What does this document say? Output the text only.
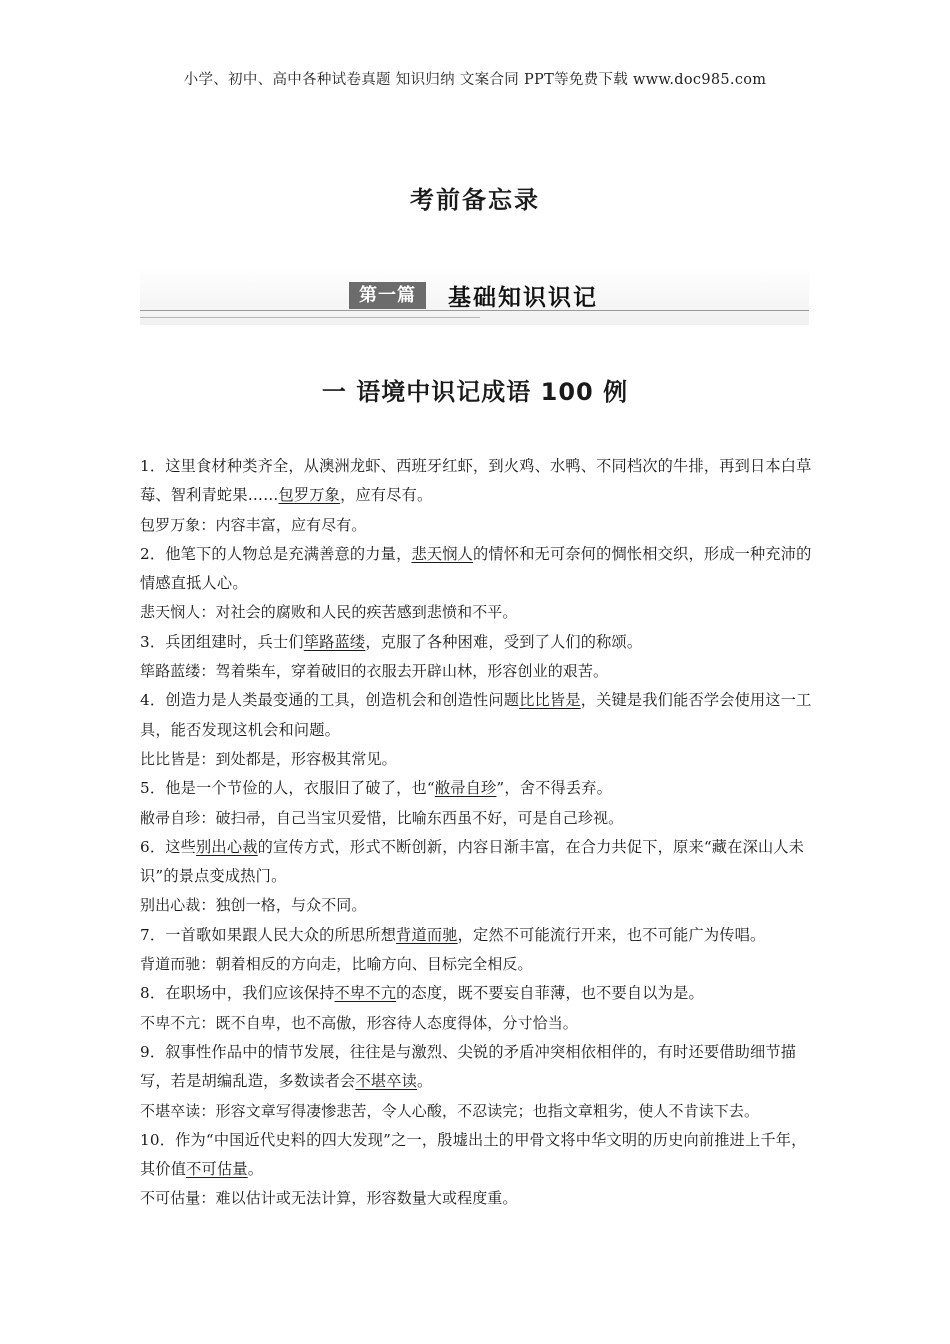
小学、初中、高中各种试卷真题 知识归纳 文案合同 PPT等免费下载 www.doc985.com
考前备忘录
第一篇	基础知识识记
一 语境中识记成语 100 例
1．这里食材种类齐全，从澳洲龙虾、西班牙红虾，到火鸡、水鸭、不同档次的牛排，再到日本白草莓、智利青蛇果……包罗万象，应有尽有。
包罗万象：内容丰富，应有尽有。
2．他笔下的人物总是充满善意的力量，悲天悯人的情怀和无可奈何的惆怅相交织，形成一种充沛的情感直抵人心。
悲天悯人：对社会的腐败和人民的疾苦感到悲愤和不平。
3．兵团组建时，兵士们筚路蓝缕，克服了各种困难，受到了人们的称颂。
筚路蓝缕：驾着柴车，穿着破旧的衣服去开辟山林，形容创业的艰苦。
4．创造力是人类最变通的工具，创造机会和创造性问题比比皆是，关键是我们能否学会使用这一工具，能否发现这机会和问题。
比比皆是：到处都是，形容极其常见。
5．他是一个节俭的人，衣服旧了破了，也“敝帚自珍”，舍不得丢弃。
敝帚自珍：破扫帚，自己当宝贝爱惜，比喻东西虽不好，可是自己珍视。
6．这些别出心裁的宣传方式，形式不断创新，内容日渐丰富，在合力共促下，原来“藏在深山人未识”的景点变成热门。
别出心裁：独创一格，与众不同。
7．一首歌如果跟人民大众的所思所想背道而驰，定然不可能流行开来，也不可能广为传唱。
背道而驰：朝着相反的方向走，比喻方向、目标完全相反。
8．在职场中，我们应该保持不卑不亢的态度，既不要妄自菲薄，也不要自以为是。
不卑不亢：既不自卑，也不高傲，形容待人态度得体，分寸恰当。
9．叙事性作品中的情节发展，往往是与激烈、尖锐的矛盾冲突相依相伴的，有时还要借助细节描写，若是胡编乱造，多数读者会不堪卒读。
不堪卒读：形容文章写得凄惨悲苦，令人心酸，不忍读完；也指文章粗劣，使人不肯读下去。
10．作为“中国近代史料的四大发现”之一，殷墟出土的甲骨文将中华文明的历史向前推进上千年，其价值不可估量。
不可估量：难以估计或无法计算，形容数量大或程度重。
